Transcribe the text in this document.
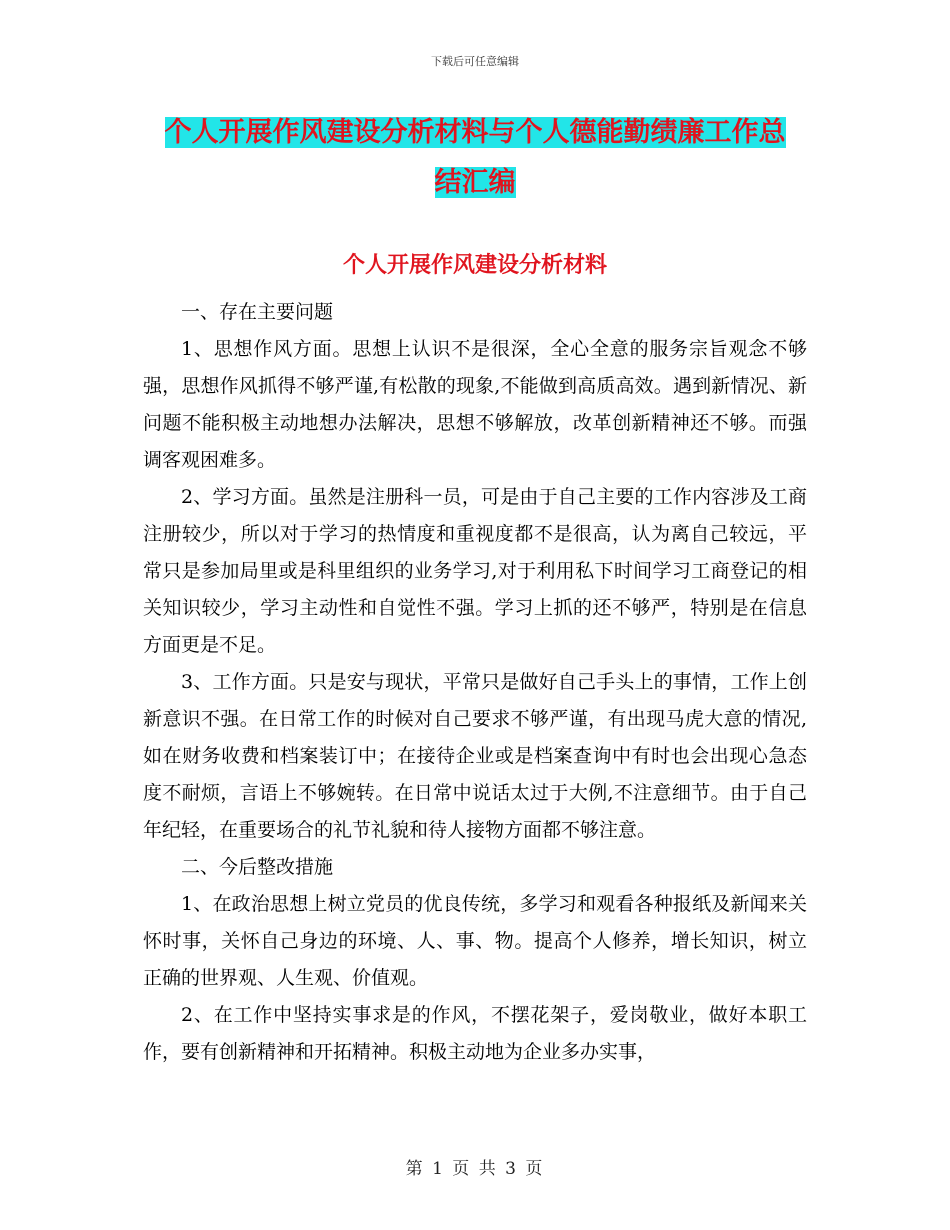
下载后可任意编辑
个人开展作风建设分析材料与个人德能勤绩廉工作总
结汇编
个人开展作风建设分析材料

一、存在主要问题

1、思想作风方面。思想上认识不是很深，全心全意的服务宗旨观念不够强，思想作风抓得不够严谨,有松散的现象,不能做到高质高效。遇到新情况、新问题不能积极主动地想办法解决，思想不够解放，改革创新精神还不够。而强调客观困难多。

2、学习方面。虽然是注册科一员，可是由于自己主要的工作内容涉及工商注册较少，所以对于学习的热情度和重视度都不是很高，认为离自己较远，平常只是参加局里或是科里组织的业务学习,对于利用私下时间学习工商登记的相关知识较少，学习主动性和自觉性不强。学习上抓的还不够严，特别是在信息方面更是不足。

3、工作方面。只是安与现状，平常只是做好自己手头上的事情，工作上创新意识不强。在日常工作的时候对自己要求不够严谨，有出现马虎大意的情况,如在财务收费和档案装订中；在接待企业或是档案查询中有时也会出现心急态度不耐烦，言语上不够婉转。在日常中说话太过于大例,不注意细节。由于自己年纪轻，在重要场合的礼节礼貌和待人接物方面都不够注意。

二、今后整改措施

1、在政治思想上树立党员的优良传统，多学习和观看各种报纸及新闻来关怀时事，关怀自己身边的环境、人、事、物。提高个人修养，增长知识，树立正确的世界观、人生观、价值观。

2、在工作中坚持实事求是的作风，不摆花架子，爱岗敬业，做好本职工作，要有创新精神和开拓精神。积极主动地为企业多办实事，

第 1 页 共 3 页
